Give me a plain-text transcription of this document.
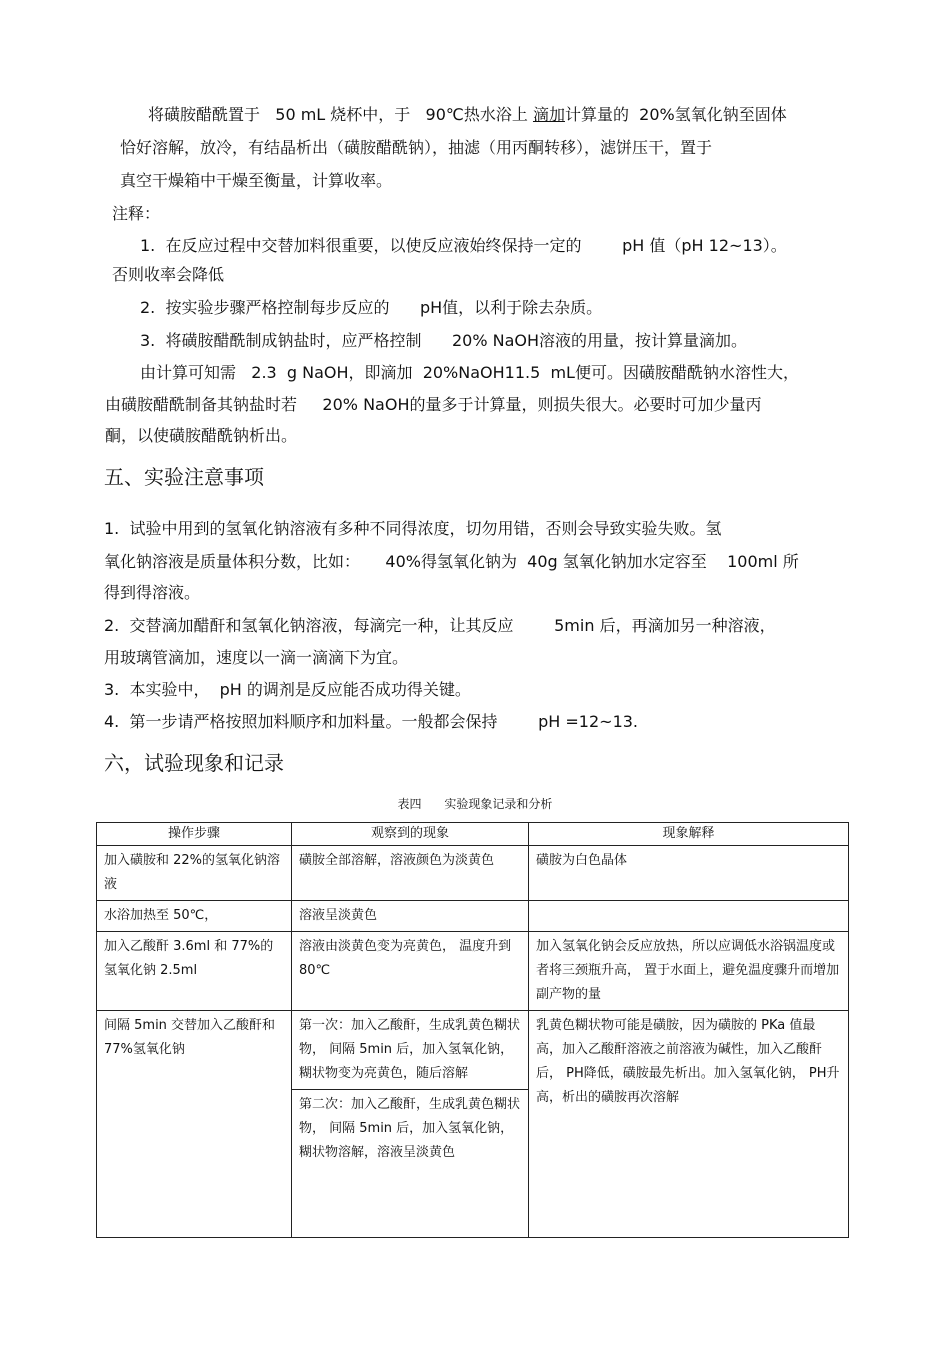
将磺胺醋酰置于   50 mL 烧杯中，于   90℃热水浴上 滴加计算量的  20%氢氧化钠至固体
恰好溶解，放冷，有结晶析出（磺胺醋酰钠），抽滤（用丙酮转移），滤饼压干，置于
真空干燥箱中干燥至衡量，计算收率。
注释：
1.  在反应过程中交替加料很重要，以使反应液始终保持一定的        pH 值（pH 12~13）。
否则收率会降低
2.  按实验步骤严格控制每步反应的      pH值，以利于除去杂质。
3.  将磺胺醋酰制成钠盐时，应严格控制      20% NaOH溶液的用量，按计算量滴加。
由计算可知需   2.3  g NaOH，即滴加  20%NaOH11.5  mL便可。因磺胺醋酰钠水溶性大，
由磺胺醋酰制备其钠盐时若     20% NaOH的量多于计算量，则损失很大。必要时可加少量丙
酮，以使磺胺醋酰钠析出。
五、实验注意事项
1.  试验中用到的氢氧化钠溶液有多种不同得浓度，切勿用错，否则会导致实验失败。氢
氧化钠溶液是质量体积分数，比如：     40%得氢氧化钠为  40g 氢氧化钠加水定容至    100ml 所
得到得溶液。
2.  交替滴加醋酐和氢氧化钠溶液，每滴完一种，让其反应        5min 后，再滴加另一种溶液，
用玻璃管滴加，速度以一滴一滴滴下为宜。
3.  本实验中，  pH 的调剂是反应能否成功得关键。
4.  第一步请严格按照加料顺序和加料量。一般都会保持        pH =12~13.
六，试验现象和记录
表四      实验现象记录和分析
操作步骤	观察到的现象	现象解释
加入磺胺和 22%的氢氧化钠溶液	磺胺全部溶解，溶液颜色为淡黄色	磺胺为白色晶体
水浴加热至 50℃，	溶液呈淡黄色	
加入乙酸酐 3.6ml 和 77%的氢氧化钠 2.5ml	溶液由淡黄色变为亮黄色， 温度升到 80℃	加入氢氧化钠会反应放热，所以应调低水浴锅温度或者将三颈瓶升高， 置于水面上，避免温度骤升而增加副产物的量
间隔 5min 交替加入乙酸酐和 77%氢氧化钠	第一次：加入乙酸酐，生成乳黄色糊状物， 间隔 5min 后，加入氢氧化钠，糊状物变为亮黄色，随后溶解
第二次：加入乙酸酐，生成乳黄色糊状物， 间隔 5min 后，加入氢氧化钠，糊状物溶解，溶液呈淡黄色	乳黄色糊状物可能是磺胺，因为磺胺的 PKa 值最高，加入乙酸酐溶液之前溶液为碱性，加入乙酸酐后， PH降低，磺胺最先析出。加入氢氧化钠， PH升高，析出的磺胺再次溶解
